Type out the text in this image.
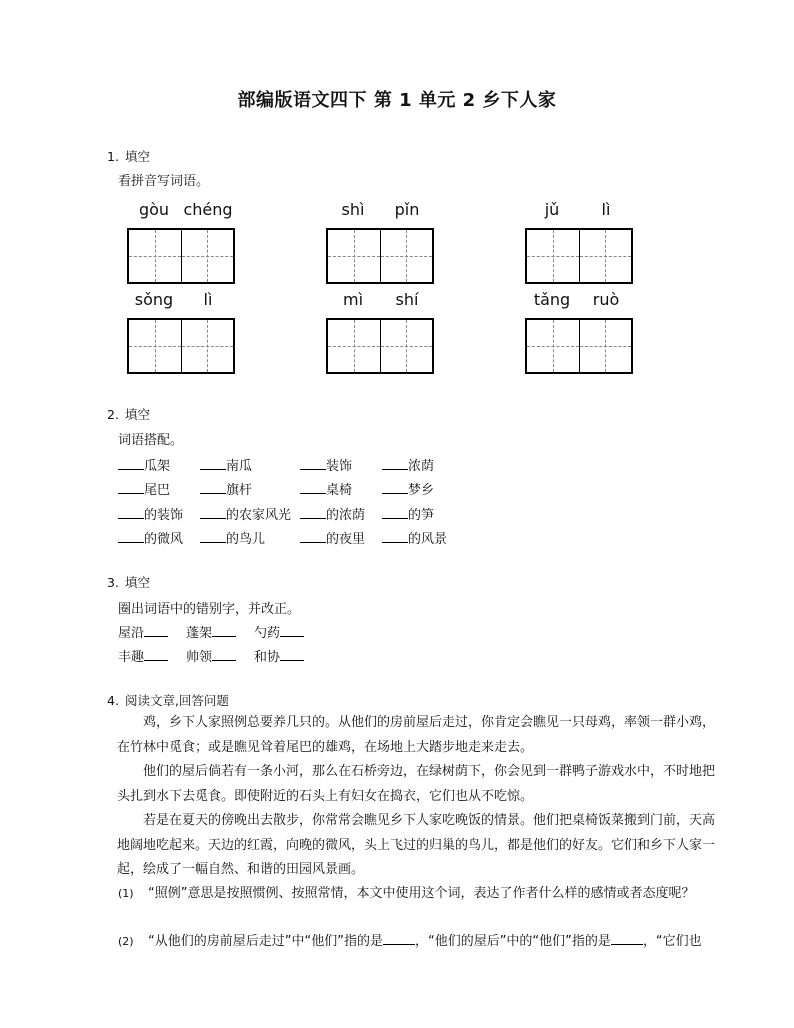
部编版语文四下 第 1 单元 2 乡下人家
1. 填空
看拼音写词语。
gòu chéng	shì	pǐn	jǔ	lì
sǒng	lì	mì	shí	tǎng	ruò
2. 填空
词语搭配。
瓜架	南瓜	装饰	浓荫
尾巴	旗杆	桌椅	梦乡
的装饰	的农家风光	的浓荫	的笋
的微风	的鸟儿	的夜里	的风景
3. 填空
圈出词语中的错别字，并改正。
屋沿	蓬架	勺药
丰趣	帅领	和协
4. 阅读文章,回答问题
鸡，乡下人家照例总要养几只的。从他们的房前屋后走过，你肯定会瞧见一只母鸡，率领一群小鸡，在竹林中觅食；或是瞧见耸着尾巴的雄鸡，在场地上大踏步地走来走去。
他们的屋后倘若有一条小河，那么在石桥旁边，在绿树荫下，你会见到一群鸭子游戏水中，不时地把头扎到水下去觅食。即使附近的石头上有妇女在捣衣，它们也从不吃惊。
若是在夏天的傍晚出去散步，你常常会瞧见乡下人家吃晚饭的情景。他们把桌椅饭菜搬到门前，天高地阔地吃起来。天边的红霞，向晚的微风，头上飞过的归巢的鸟儿，都是他们的好友。它们和乡下人家一起，绘成了一幅自然、和谐的田园风景画。
(1)	“照例”意思是按照惯例、按照常情，本文中使用这个词，表达了作者什么样的感情或者态度呢？
(2)	“从他们的房前屋后走过”中“他们”指的是 ，“他们的屋后”中的“他们”指的是 ，“它们也
